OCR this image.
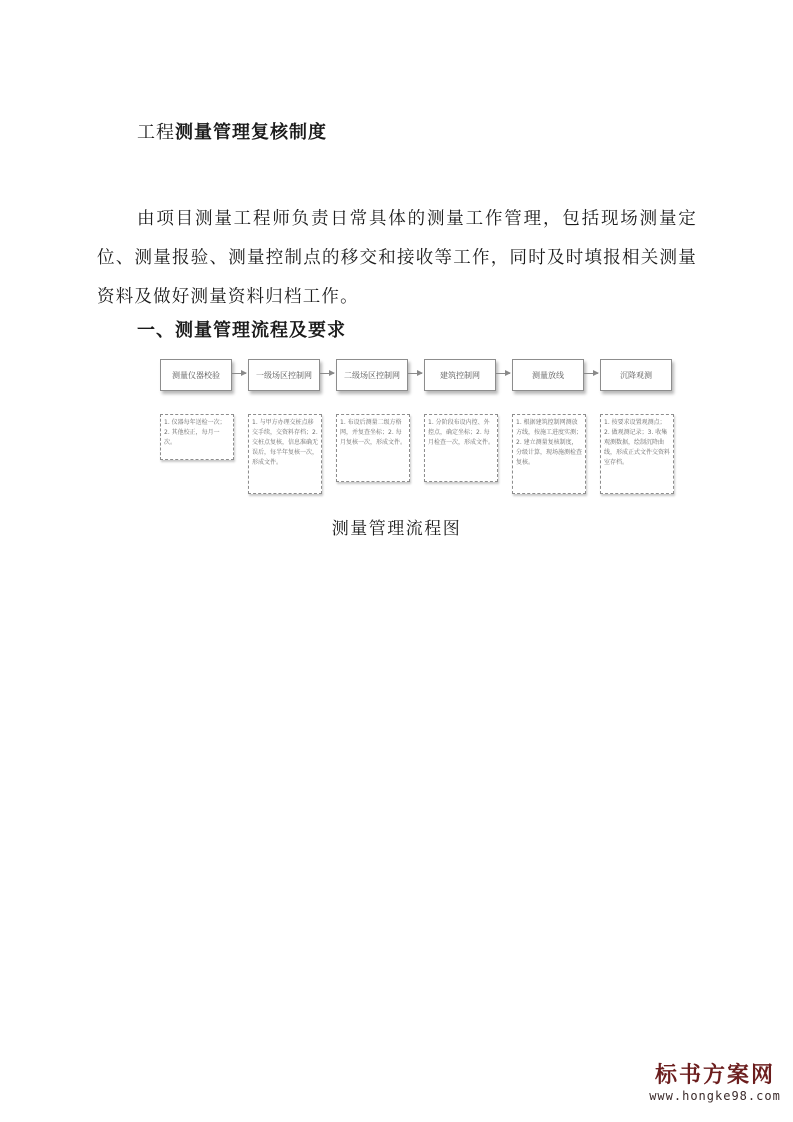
工程测量管理复核制度
由项目测量工程师负责日常具体的测量工作管理，包括现场测量定位、测量报验、测量控制点的移交和接收等工作，同时及时填报相关测量资料及做好测量资料归档工作。
一、测量管理流程及要求
测量仪器校验	一级场区控制网	二级场区控制网	建筑控制网	测量放线	沉降观测
1. 仪器每年送检一次；2. 其他校正，每月一次。
1. 与甲方办理交桩点移交手续，交资料存档；2. 交桩点复核，信息准确无误后，每半年复核一次，形成文件。
1. 布设后测量二级方格网，并复查坐标；2. 每月复核一次，形成文件。
1. 分阶段布设内控、外控点，确定坐标；2. 每月检查一次，形成文件。
1. 根据建筑控制网测放方线，按施工进度实测；2. 建立测量复核制度，分级计算，现场施测检查复核。
1. 按要求设置观测点；2. 做观测记录；3. 收集观测数据，绘制沉降曲线，形成正式文件交资料室存档。
测量管理流程图
标书方案网
www.hongke98.com
